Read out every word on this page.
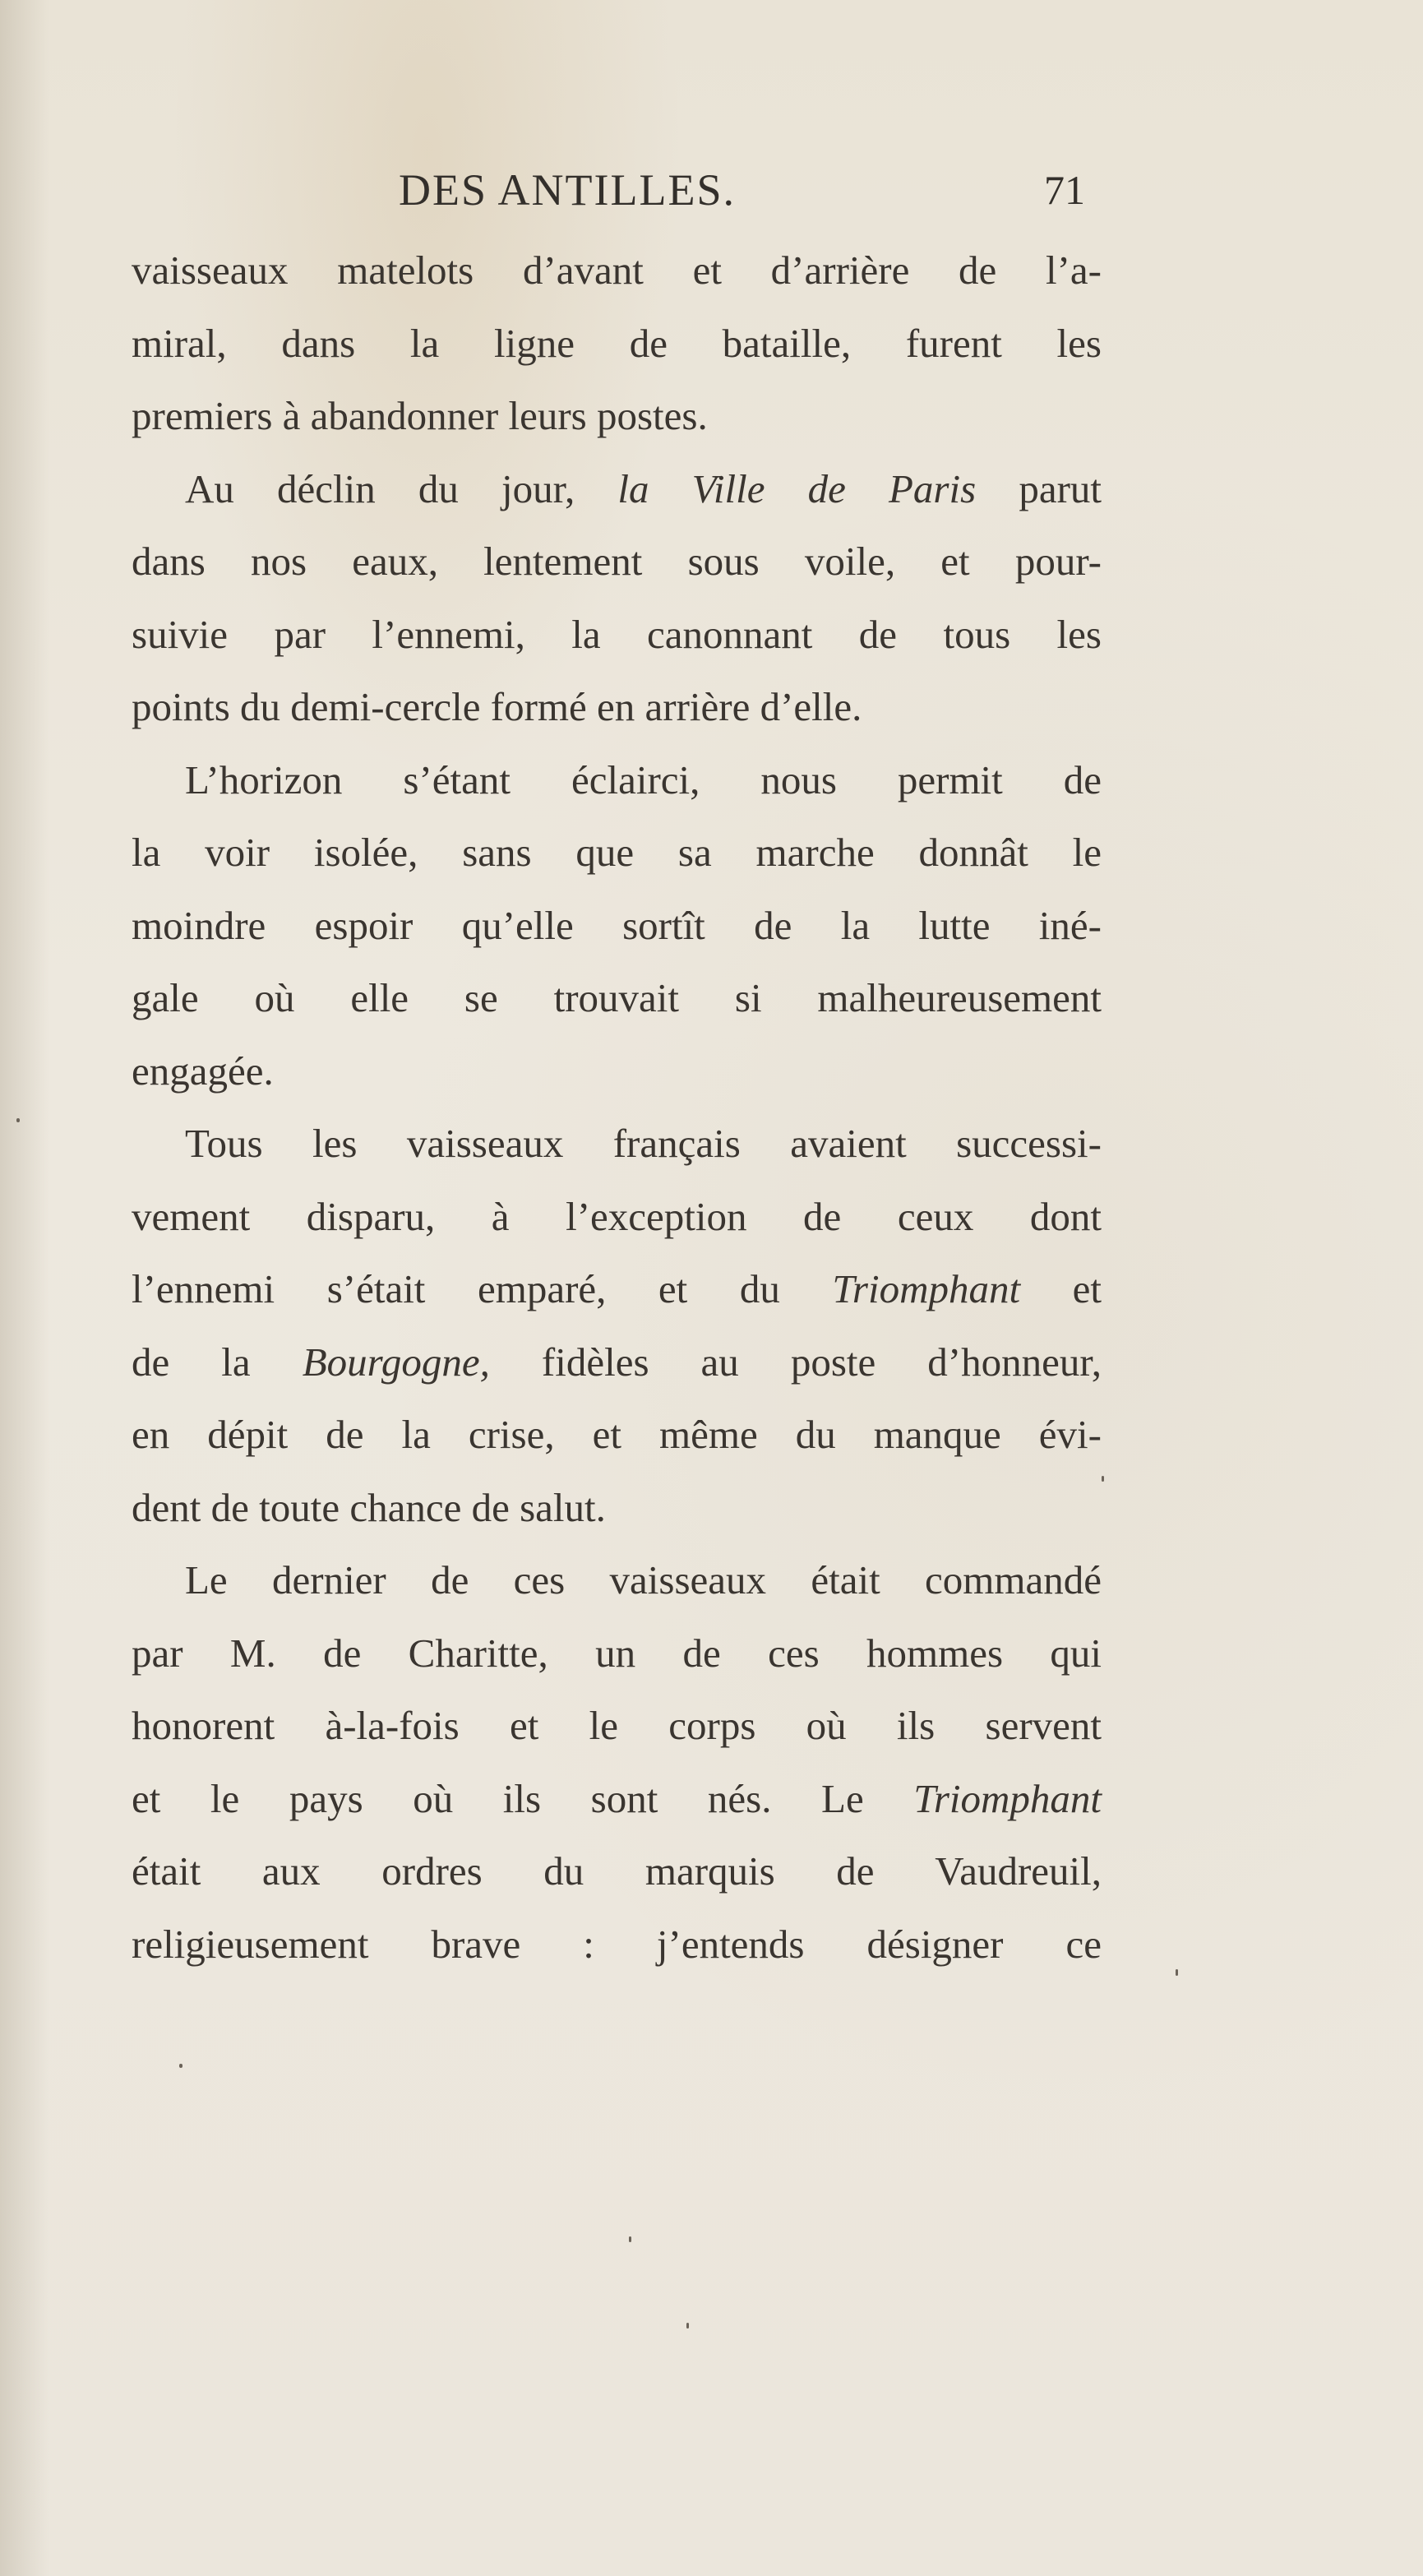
DES ANTILLES.	71
vaisseaux matelots d’avant et d’arrière de l’a-
miral, dans la ligne de bataille, furent les
premiers à abandonner leurs postes.
Au déclin du jour, la Ville de Paris parut
dans nos eaux, lentement sous voile, et pour-
suivie par l’ennemi, la canonnant de tous les
points du demi-cercle formé en arrière d’elle.
L’horizon s’étant éclairci, nous permit de
la voir isolée, sans que sa marche donnât le
moindre espoir qu’elle sortît de la lutte iné-
gale où elle se trouvait si malheureusement
engagée.
Tous les vaisseaux français avaient successi-
vement disparu, à l’exception de ceux dont
l’ennemi s’était emparé, et du Triomphant et
de la Bourgogne, fidèles au poste d’honneur,
en dépit de la crise, et même du manque évi-
dent de toute chance de salut.
Le dernier de ces vaisseaux était commandé
par M. de Charitte, un de ces hommes qui
honorent à-la-fois et le corps où ils servent
et le pays où ils sont nés. Le Triomphant
était aux ordres du marquis de Vaudreuil,
religieusement brave : j’entends désigner ce
